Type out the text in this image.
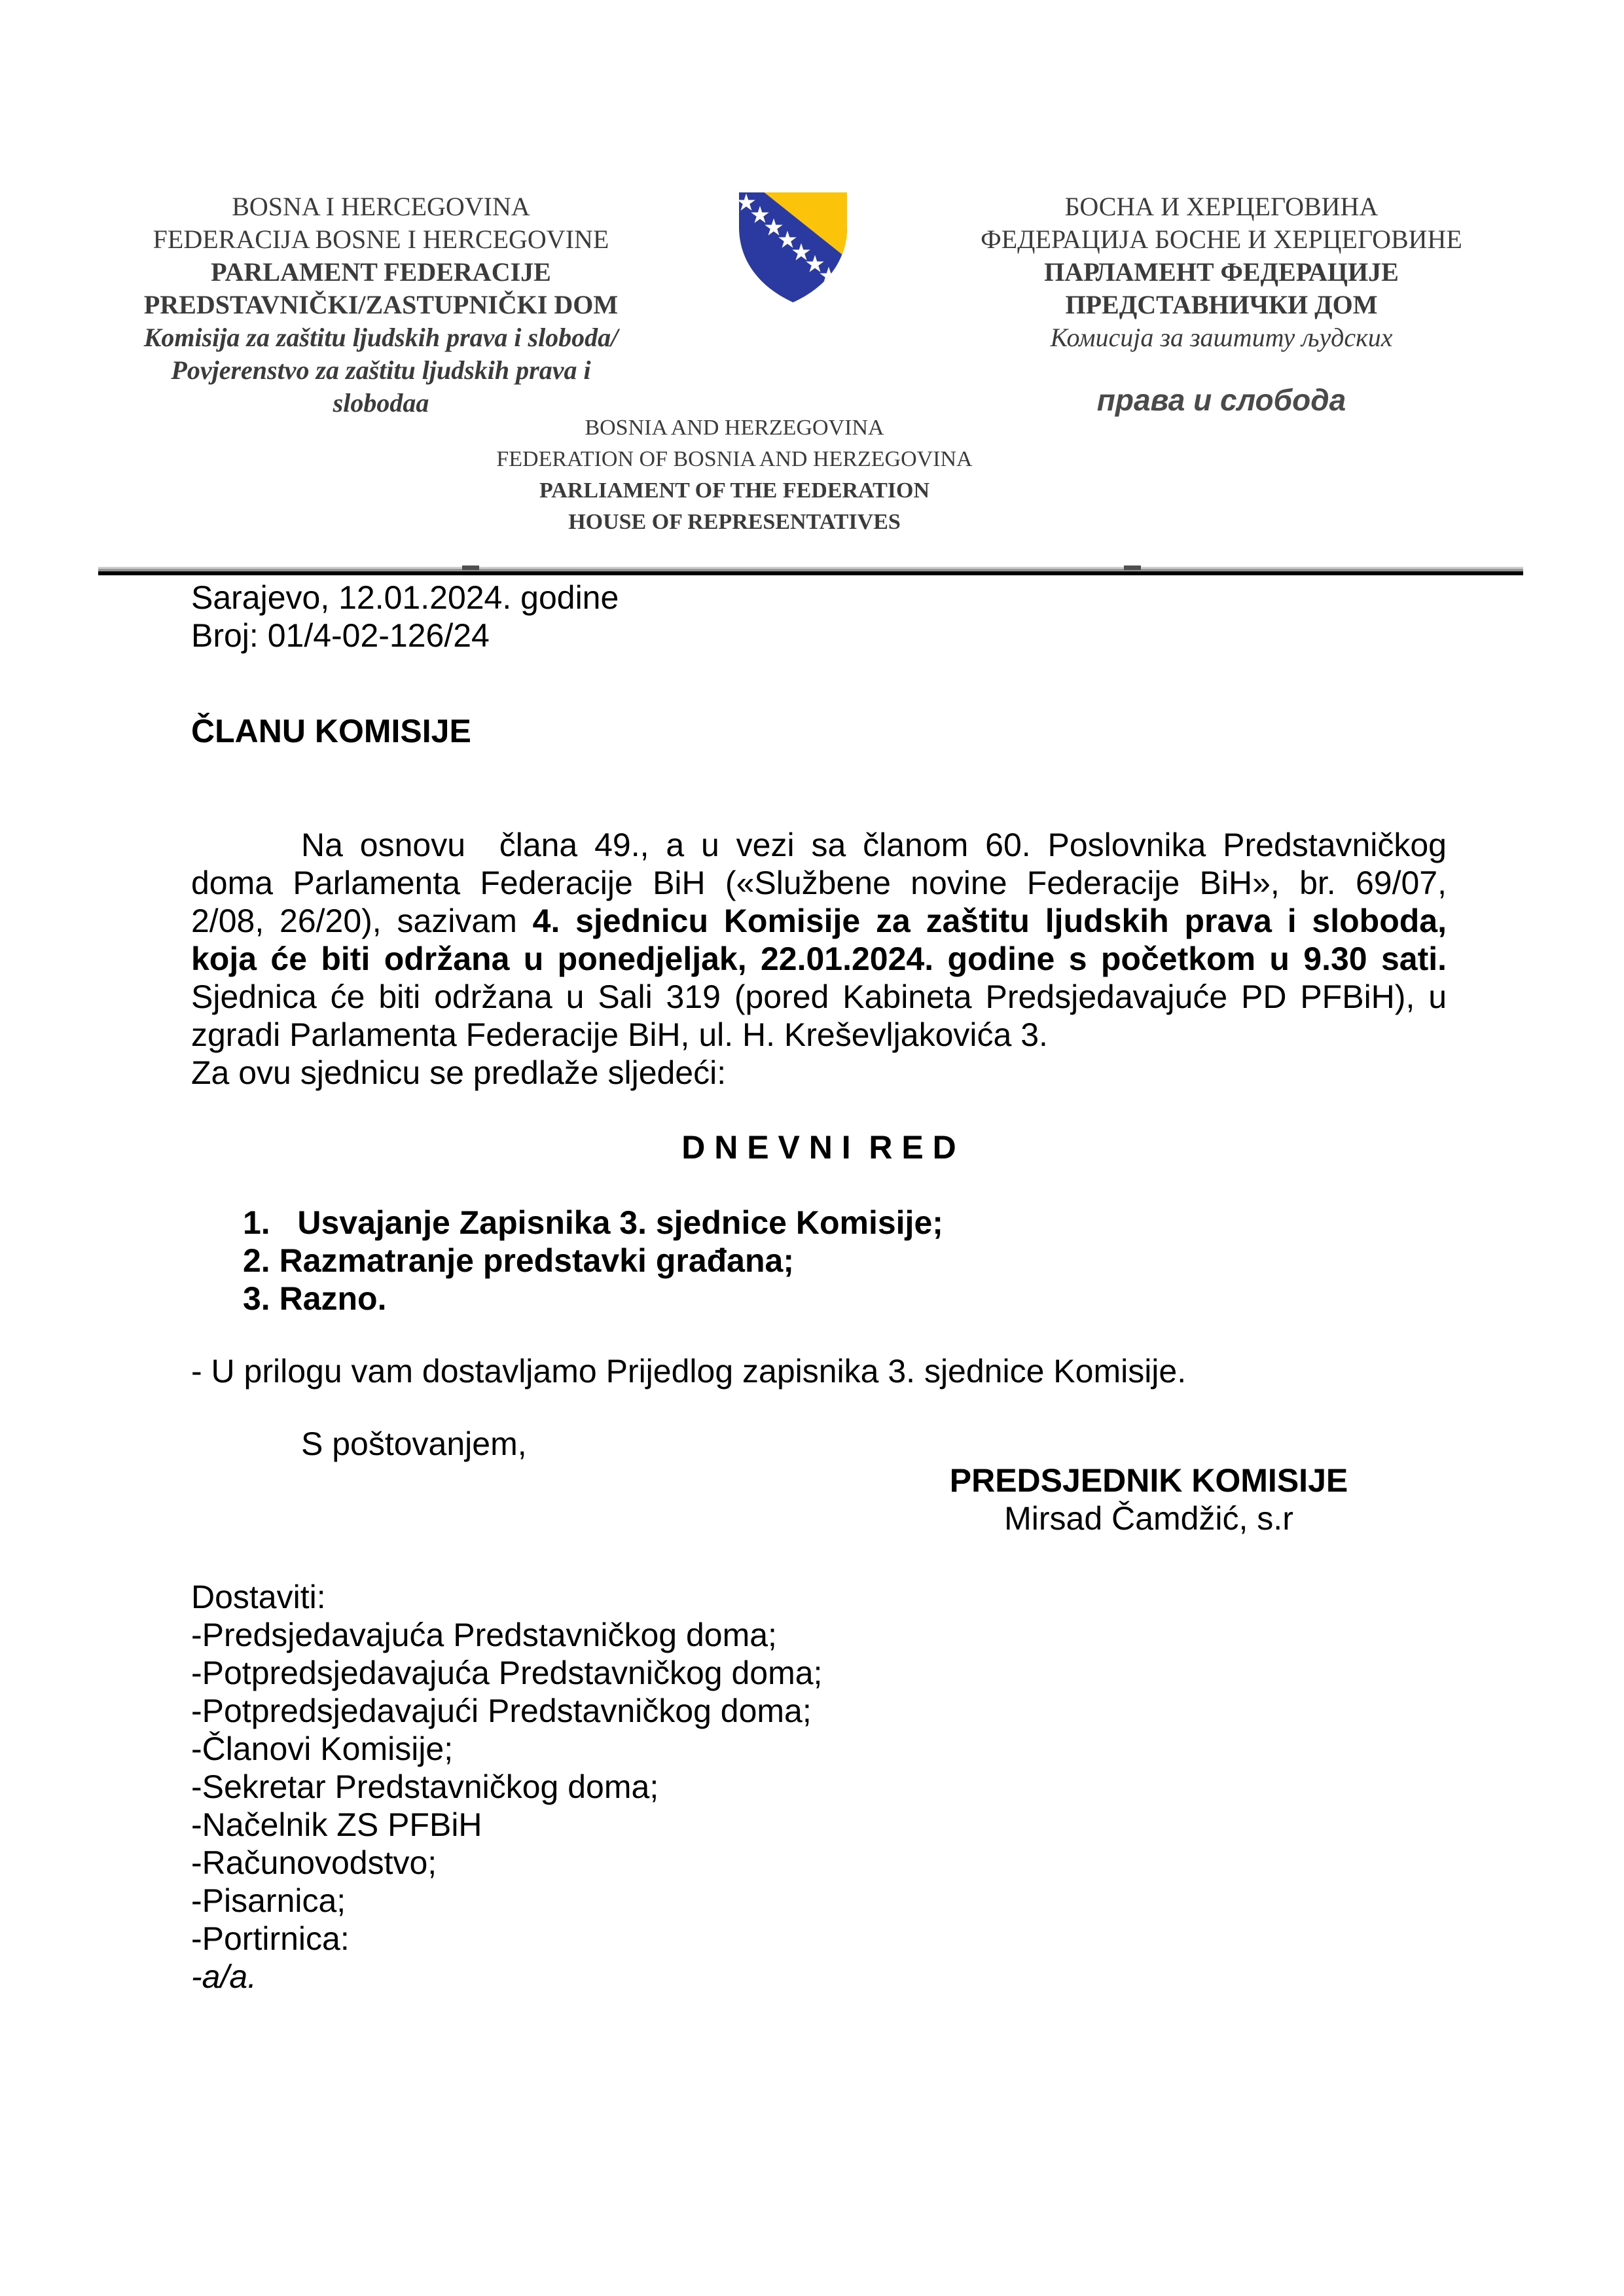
BOSNA I HERCEGOVINA
FEDERACIJA BOSNE I HERCEGOVINE
PARLAMENT FEDERACIJE
PREDSTAVNIČKI/ZASTUPNIČKI DOM
Komisija za zaštitu ljudskih prava i sloboda/
Povjerenstvo za zaštitu ljudskih prava i
slobodaa
БОСНА И ХЕРЦЕГОВИНА
ФЕДЕРАЦИЈА БОСНЕ И ХЕРЦЕГОВИНЕ
ПАРЛАМЕНТ ФЕДЕРАЦИЈЕ
ПРЕДСТАВНИЧКИ ДОМ
Комисија за заштиту људских
права и слобода
BOSNIA AND HERZEGOVINA
FEDERATION OF BOSNIA AND HERZEGOVINA
PARLIAMENT OF THE FEDERATION
HOUSE OF REPRESENTATIVES
Sarajevo, 12.01.2024. godine
Broj: 01/4-02-126/24
ČLANU KOMISIJE
Na osnovu  člana 49., a u vezi sa članom 60. Poslovnika Predstavničkog
doma Parlamenta Federacije BiH («Službene novine Federacije BiH», br. 69/07,
2/08, 26/20), sazivam 4. sjednicu Komisije za zaštitu ljudskih prava i sloboda,
koja će biti održana u ponedjeljak, 22.01.2024. godine s početkom u 9.30 sati.
Sjednica će biti održana u Sali 319 (pored Kabineta Predsjedavajuće PD PFBiH), u
zgradi Parlamenta Federacije BiH, ul. H. Kreševljakovića 3.
Za ovu sjednicu se predlaže sljedeći:
D N E V N I  R E D
1.   Usvajanje Zapisnika 3. sjednice Komisije;
2. Razmatranje predstavki građana;
3. Razno.
- U prilogu vam dostavljamo Prijedlog zapisnika 3. sjednice Komisije.
S poštovanjem,
PREDSJEDNIK KOMISIJE
Mirsad Čamdžić, s.r
Dostaviti:
-Predsjedavajuća Predstavničkog doma;
-Potpredsjedavajuća Predstavničkog doma;
-Potpredsjedavajući Predstavničkog doma;
-Članovi Komisije;
-Sekretar Predstavničkog doma;
-Načelnik ZS PFBiH
-Računovodstvo;
-Pisarnica;
-Portirnica:
-a/a.
